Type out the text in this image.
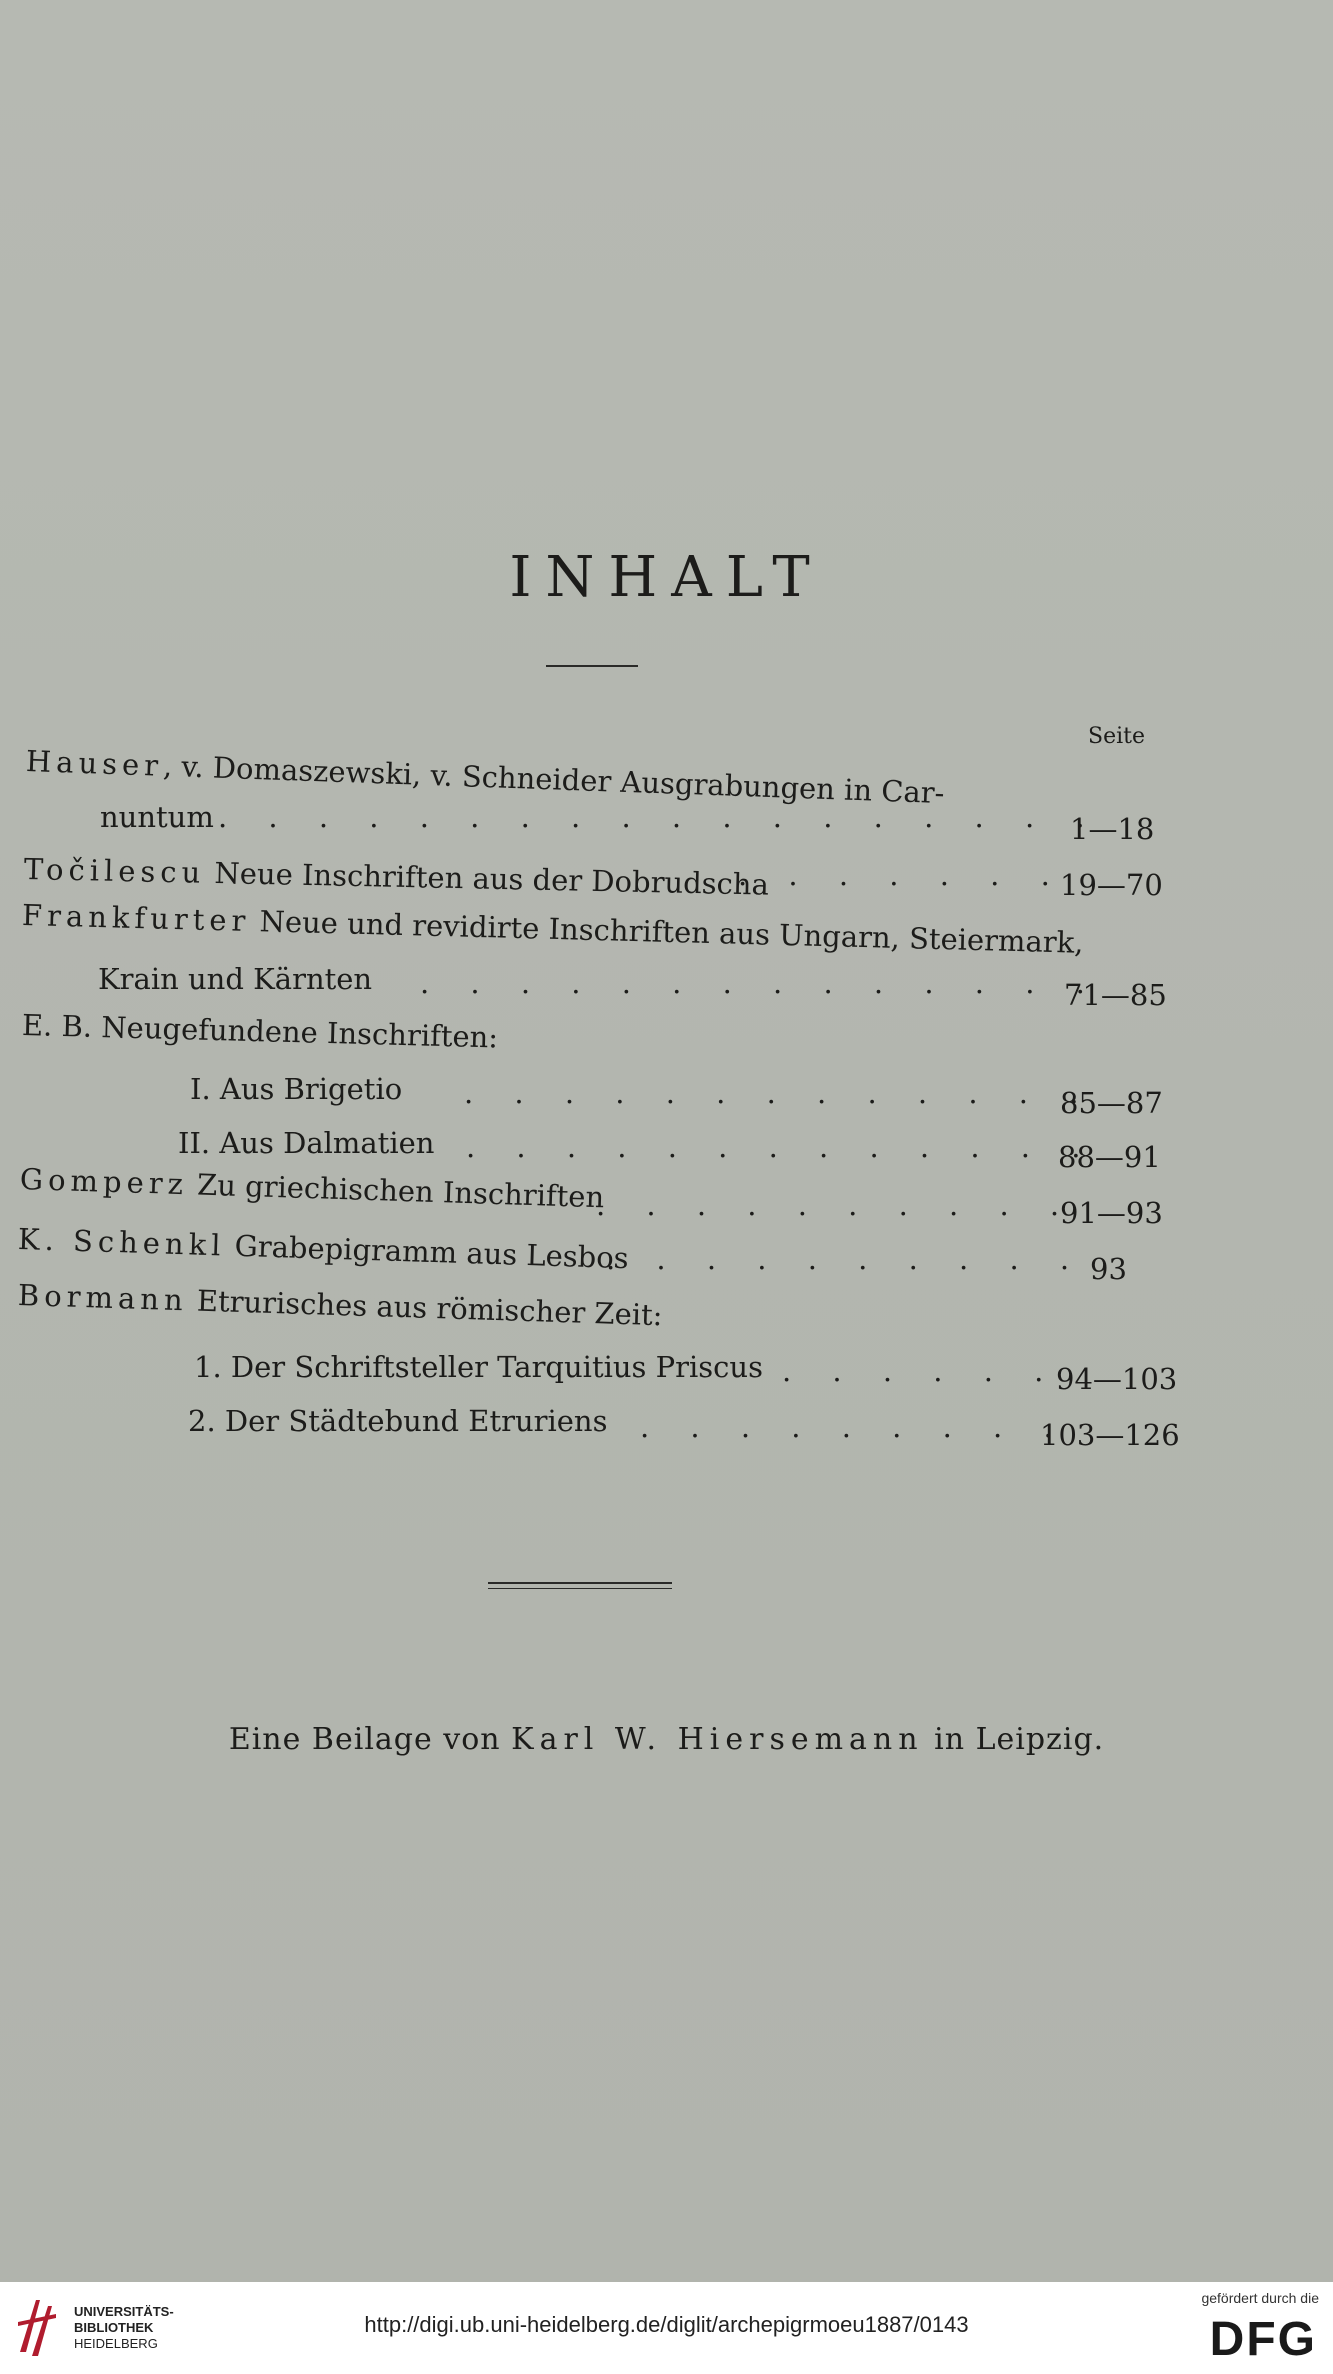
INHALT
Seite
Hauser, v. Domaszewski, v. Schneider Ausgrabungen in Car-
nuntum . . . . . . . . . . . . . . . . . .
1—18
Točilescu Neue Inschriften aus der Dobrudscha
. . . . . . .
19—70
Frankfurter Neue und revidirte Inschriften aus Ungarn, Steiermark,
Krain und Kärnten . . . . . . . . . . . . . .
71—85
E. B. Neugefundene Inschriften:
I. Aus Brigetio . . . . . . . . . . . . .
85—87
II. Aus Dalmatien . . . . . . . . . . . . .
88—91
Gomperz Zu griechischen Inschriften
. . . . . . . . . .
91—93
K. Schenkl Grabepigramm aus Lesbos
. . . . . . . . . . 93
Bormann Etrurisches aus römischer Zeit:
1. Der Schriftsteller Tarquitius Priscus . . . . . .
94—103
2. Der Städtebund Etruriens . . . . . . . . .
103—126
Eine Beilage von Karl W. Hiersemann in Leipzig.
UNIVERSITÄTS-
BIBLIOTHEK
HEIDELBERG
http://digi.ub.uni-heidelberg.de/diglit/archepigrmoeu1887/0143
gefördert durch die
DFG
